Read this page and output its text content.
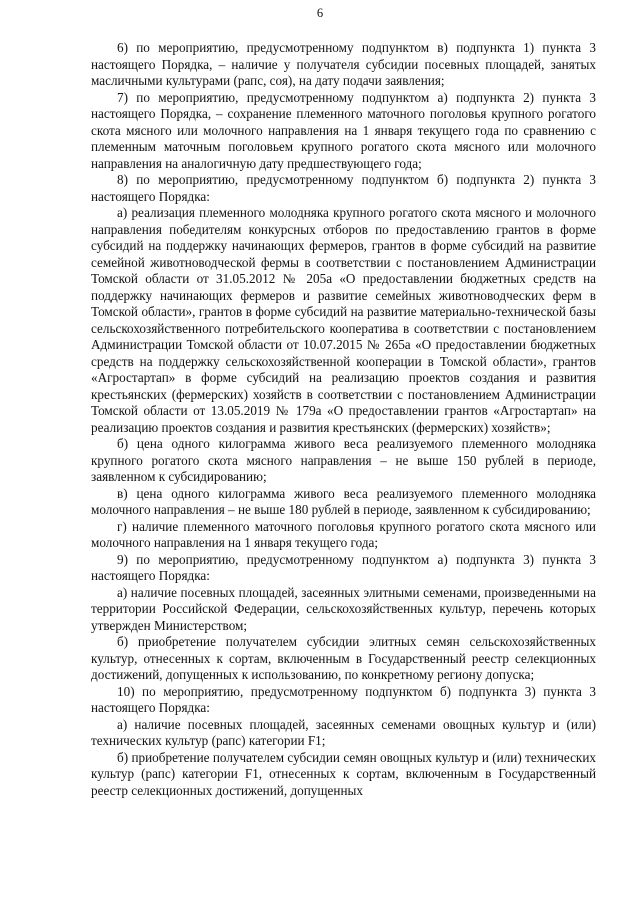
6

6) по мероприятию, предусмотренному подпунктом в) подпункта 1) пункта 3 настоящего Порядка, – наличие у получателя субсидии посевных площадей, занятых масличными культурами (рапс, соя), на дату подачи заявления;

7) по мероприятию, предусмотренному подпунктом а) подпункта 2) пункта 3 настоящего Порядка, – сохранение племенного маточного поголовья крупного рогатого скота мясного или молочного направления на 1 января текущего года по сравнению с племенным маточным поголовьем крупного рогатого скота мясного или молочного направления на аналогичную дату предшествующего года;

8) по мероприятию, предусмотренному подпунктом б) подпункта 2) пункта 3 настоящего Порядка:

а) реализация племенного молодняка крупного рогатого скота мясного и молочного направления победителям конкурсных отборов по предоставлению грантов в форме субсидий на поддержку начинающих фермеров, грантов в форме субсидий на развитие семейной животноводческой фермы в соответствии с постановлением Администрации Томской области от 31.05.2012 № 205а «О предоставлении бюджетных средств на поддержку начинающих фермеров и развитие семейных животноводческих ферм в Томской области», грантов в форме субсидий на развитие материально-технической базы сельскохозяйственного потребительского кооператива в соответствии с постановлением Администрации Томской области от 10.07.2015 № 265а «О предоставлении бюджетных средств на поддержку сельскохозяйственной кооперации в Томской области», грантов «Агростартап» в форме субсидий на реализацию проектов создания и развития крестьянских (фермерских) хозяйств в соответствии с постановлением Администрации Томской области от 13.05.2019 № 179а «О предоставлении грантов «Агростартап» на реализацию проектов создания и развития крестьянских (фермерских) хозяйств»;

б) цена одного килограмма живого веса реализуемого племенного молодняка крупного рогатого скота мясного направления – не выше 150 рублей в периоде, заявленном к субсидированию;

в) цена одного килограмма живого веса реализуемого племенного молодняка молочного направления – не выше 180 рублей в периоде, заявленном к субсидированию;

г) наличие племенного маточного поголовья крупного рогатого скота мясного или молочного направления на 1 января текущего года;

9) по мероприятию, предусмотренному подпунктом а) подпункта 3) пункта 3 настоящего Порядка:

а) наличие посевных площадей, засеянных элитными семенами, произведенными на территории Российской Федерации, сельскохозяйственных культур, перечень которых утвержден Министерством;

б) приобретение получателем субсидии элитных семян сельскохозяйственных культур, отнесенных к сортам, включенным в Государственный реестр селекционных достижений, допущенных к использованию, по конкретному региону допуска;

10) по мероприятию, предусмотренному подпунктом б) подпункта 3) пункта 3 настоящего Порядка:

а) наличие посевных площадей, засеянных семенами овощных культур и (или) технических культур (рапс) категории F1;

б) приобретение получателем субсидии семян овощных культур и (или) технических культур (рапс) категории F1, отнесенных к сортам, включенным в Государственный реестр селекционных достижений, допущенных
